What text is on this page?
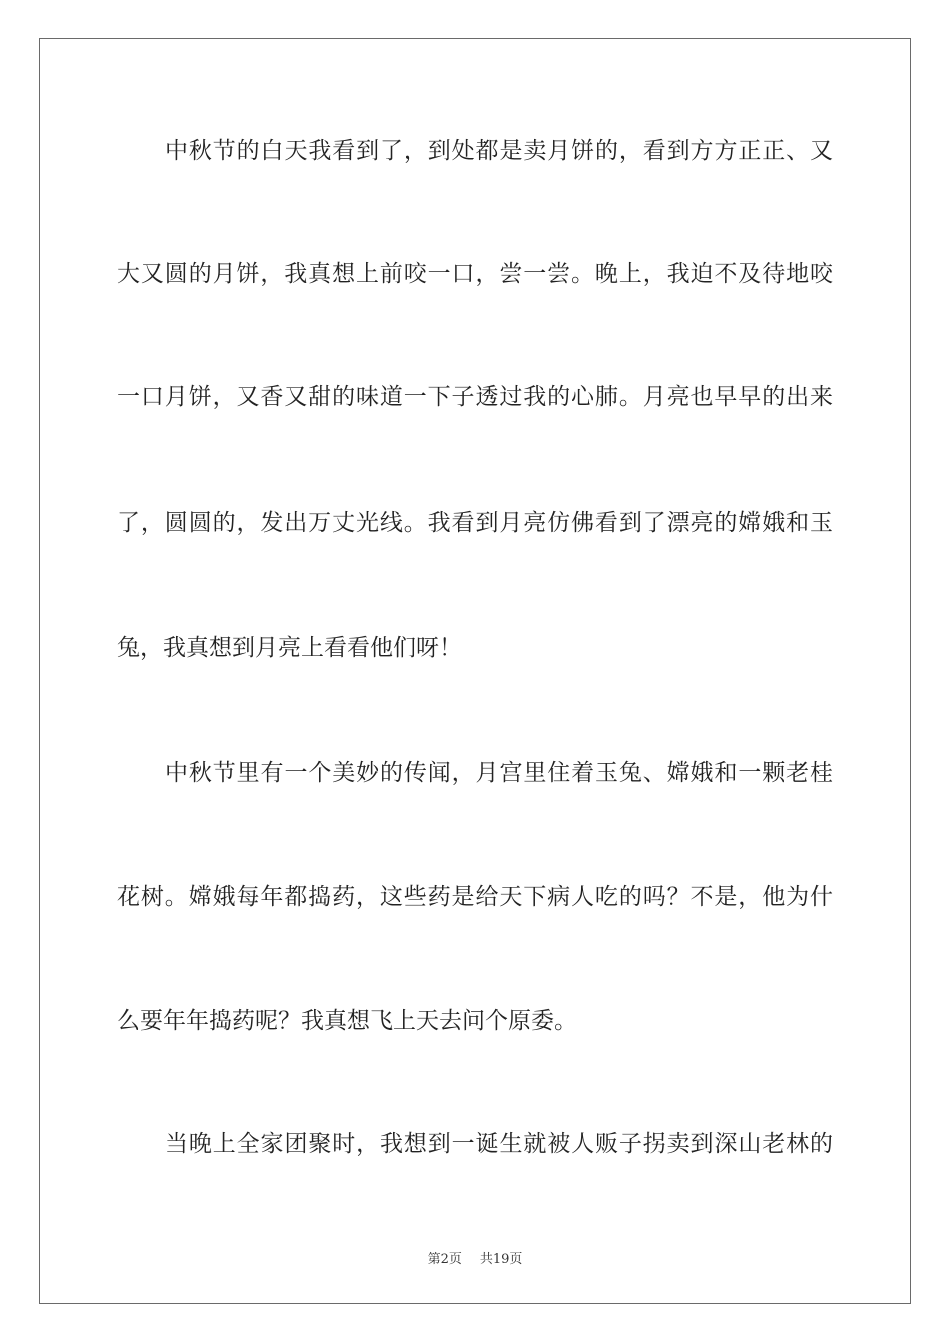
中秋节的白天我看到了，到处都是卖月饼的，看到方方正正、又

大又圆的月饼，我真想上前咬一口，尝一尝。晚上，我迫不及待地咬

一口月饼，又香又甜的味道一下子透过我的心肺。月亮也早早的出来

了，圆圆的，发出万丈光线。我看到月亮仿佛看到了漂亮的嫦娥和玉

兔，我真想到月亮上看看他们呀！

中秋节里有一个美妙的传闻，月宫里住着玉兔、嫦娥和一颗老桂

花树。嫦娥每年都捣药，这些药是给天下病人吃的吗？不是，他为什

么要年年捣药呢？我真想飞上天去问个原委。

当晚上全家团聚时，我想到一诞生就被人贩子拐卖到深山老林的

第2页 共19页
